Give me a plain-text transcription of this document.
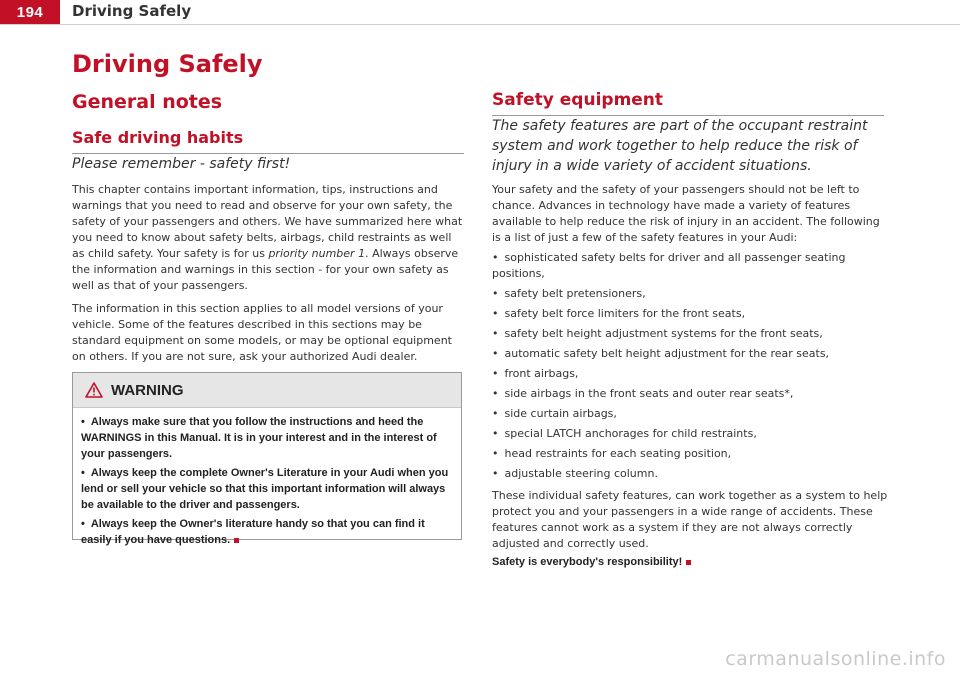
194	Driving Safely
Driving Safely
General notes
Safe driving habits

Please remember - safety first!

This chapter contains important information, tips, instructions and warnings that you need to read and observe for your own safety, the safety of your passengers and others. We have summarized here what you need to know about safety belts, airbags, child restraints as well as child safety. Your safety is for us priority number 1. Always observe the information and warnings in this section - for your own safety as well as that of your passengers.

The information in this section applies to all model versions of your vehicle. Some of the features described in this sections may be standard equipment on some models, or may be optional equipment on others. If you are not sure, ask your authorized Audi dealer.

WARNING
• Always make sure that you follow the instructions and heed the WARNINGS in this Manual. It is in your interest and in the interest of your passengers.
• Always keep the complete Owner's Literature in your Audi when you lend or sell your vehicle so that this important information will always be available to the driver and passengers.
• Always keep the Owner's literature handy so that you can find it easily if you have questions.
Safety equipment

The safety features are part of the occupant restraint system and work together to help reduce the risk of injury in a wide variety of accident situations.

Your safety and the safety of your passengers should not be left to chance. Advances in technology have made a variety of features available to help reduce the risk of injury in an accident. The following is a list of just a few of the safety features in your Audi:

• sophisticated safety belts for driver and all passenger seating positions,
• safety belt pretensioners,
• safety belt force limiters for the front seats,
• safety belt height adjustment systems for the front seats,
• automatic safety belt height adjustment for the rear seats,
• front airbags,
• side airbags in the front seats and outer rear seats*,
• side curtain airbags,
• special LATCH anchorages for child restraints,
• head restraints for each seating position,
• adjustable steering column.

These individual safety features, can work together as a system to help protect you and your passengers in a wide range of accidents. These features cannot work as a system if they are not always correctly adjusted and correctly used.

Safety is everybody's responsibility!

carmanualsonline.info
